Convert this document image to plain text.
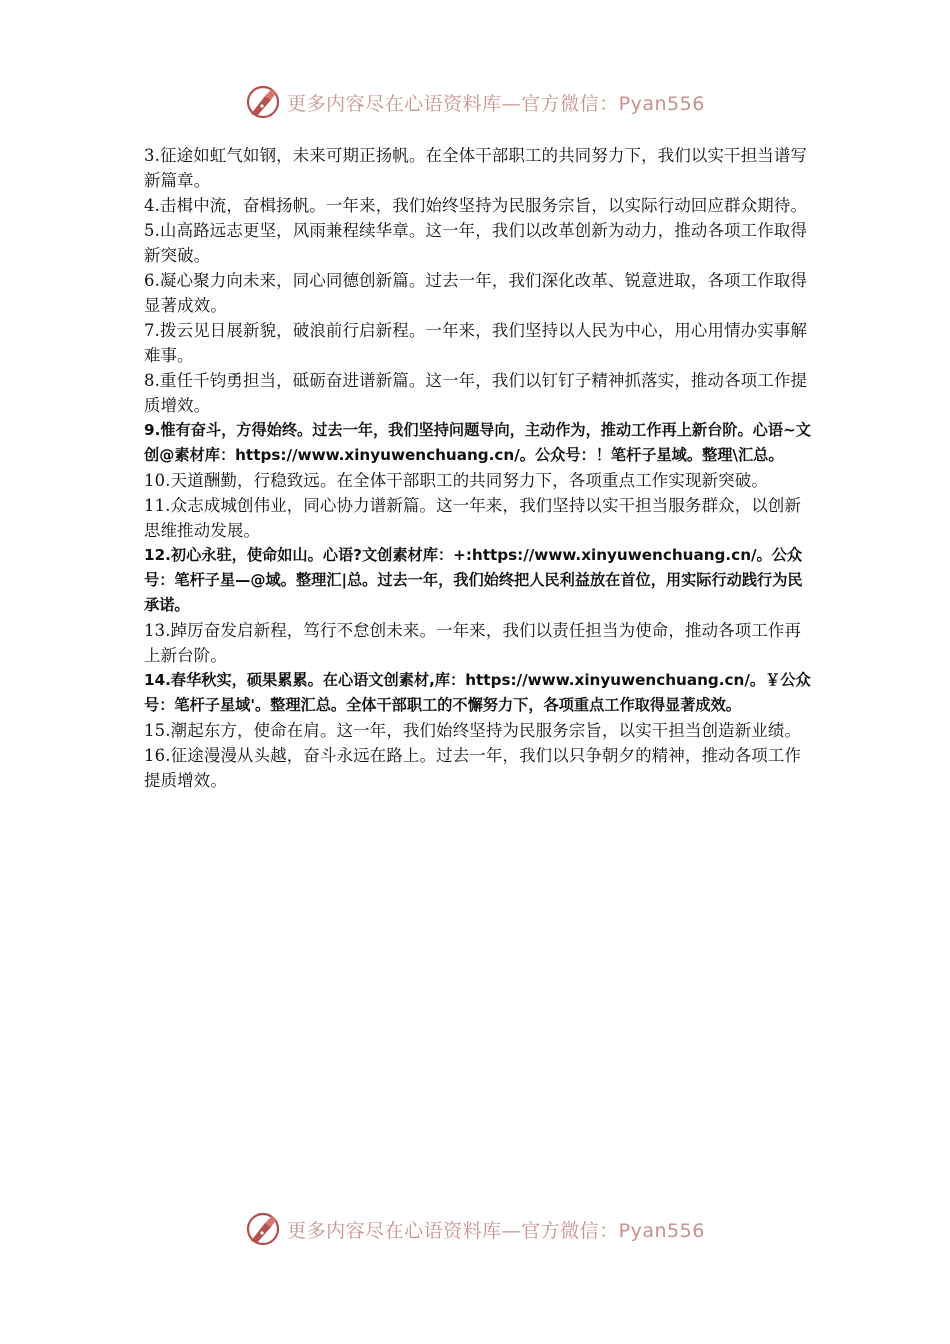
更多内容尽在心语资料库—官方微信：Pyan556

3.征途如虹气如钢，未来可期正扬帆。在全体干部职工的共同努力下，我们以实干担当谱写新篇章。

4.击楫中流，奋楫扬帆。一年来，我们始终坚持为民服务宗旨，以实际行动回应群众期待。

5.山高路远志更坚，风雨兼程续华章。这一年，我们以改革创新为动力，推动各项工作取得新突破。

6.凝心聚力向未来，同心同德创新篇。过去一年，我们深化改革、锐意进取，各项工作取得显著成效。

7.拨云见日展新貌，破浪前行启新程。一年来，我们坚持以人民为中心，用心用情办实事解难事。

8.重任千钧勇担当，砥砺奋进谱新篇。这一年，我们以钉钉子精神抓落实，推动各项工作提质增效。

9.惟有奋斗，方得始终。过去一年，我们坚持问题导向，主动作为，推动工作再上新台阶。心语~文创@素材库：https://www.xinyuwenchuang.cn/。公众号：！笔杆子星域。整理\汇总。

10.天道酬勤，行稳致远。在全体干部职工的共同努力下，各项重点工作实现新突破。

11.众志成城创伟业，同心协力谱新篇。这一年来，我们坚持以实干担当服务群众，以创新思维推动发展。

12.初心永驻，使命如山。心语?文创素材库：+:https://www.xinyuwenchuang.cn/。公众号：笔杆子星—@域。整理汇|总。过去一年，我们始终把人民利益放在首位，用实际行动践行为民承诺。

13.踔厉奋发启新程，笃行不怠创未来。一年来，我们以责任担当为使命，推动各项工作再上新台阶。

14.春华秋实，硕果累累。在心语文创素材,库：https://www.xinyuwenchuang.cn/。￥公众号：笔杆子星域'。整理汇总。全体干部职工的不懈努力下，各项重点工作取得显著成效。

15.潮起东方，使命在肩。这一年，我们始终坚持为民服务宗旨，以实干担当创造新业绩。

16.征途漫漫从头越，奋斗永远在路上。过去一年，我们以只争朝夕的精神，推动各项工作提质增效。

更多内容尽在心语资料库—官方微信：Pyan556
